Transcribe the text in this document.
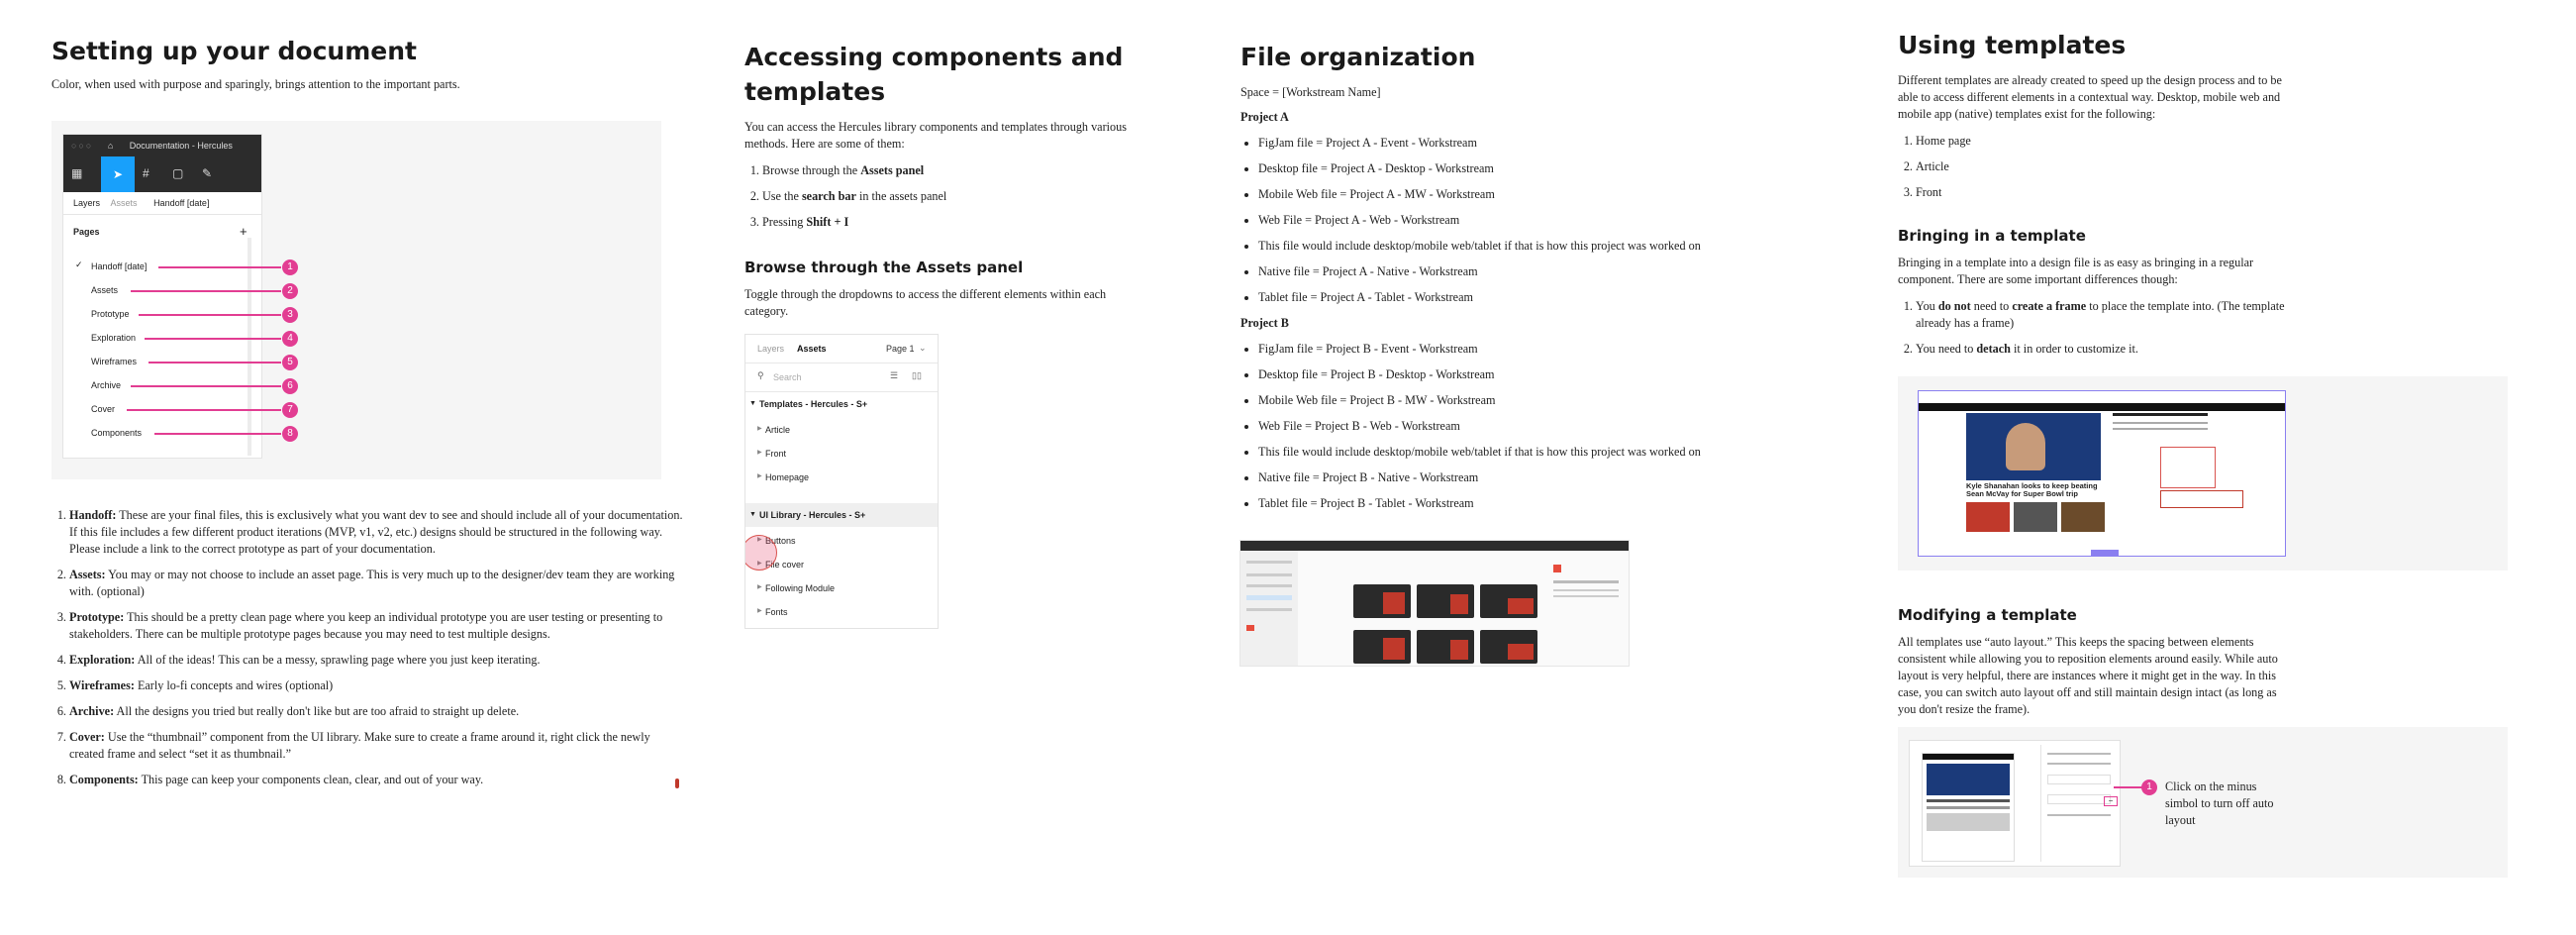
Setting up your document

Color, when used with purpose and sparingly, brings attention to the important parts.

○○○ ⌂ Documentation - Hercules
▦	➤	# ▢ ✎
Layers Assets Handoff [date]
Pages	+
✓ Handoff [date]
Assets
Prototype
Exploration
Wireframes
Archive
Cover
Components
1
2
3
4
5
6
7
8
1. Handoff: These are your final files, this is exclusively what you want dev to see and should include all of your documentation. If this file includes a few different product iterations (MVP, v1, v2, etc.) designs should be structured in the following way. Please include a link to the correct prototype as part of your documentation.
2. Assets: You may or may not choose to include an asset page. This is very much up to the designer/dev team they are working with. (optional)
3. Prototype: This should be a pretty clean page where you keep an individual prototype you are user testing or presenting to stakeholders. There can be multiple prototype pages because you may need to test multiple designs.
4. Exploration: All of the ideas! This can be a messy, sprawling page where you just keep iterating.
5. Wireframes: Early lo-fi concepts and wires (optional)
6. Archive: All the designs you tried but really don't like but are too afraid to straight up delete.
7. Cover: Use the “thumbnail” component from the UI library. Make sure to create a frame around it, right click the newly created frame and select “set it as thumbnail.”
8. Components: This page can keep your components clean, clear, and out of your way.
Accessing components and templates

You can access the Hercules library components and templates through various methods. Here are some of them:

1. Browse through the Assets panel
2. Use the search bar in the assets panel
3. Pressing Shift + I
Browse through the Assets panel

Toggle through the dropdowns to access the different elements within each category.

Layers Assets	Page 1 ⌄
⚲ Search	☰ ▯▯
▼ Templates - Hercules - S+
▶ Article
▶ Front
▶ Homepage
▼ UI Library - Hercules - S+
▶ Buttons
▶ File cover
▶ Following Module
▶ Fonts
File organization

Space = [Workstream Name]

Project A

• FigJam file = Project A - Event - Workstream
• Desktop file = Project A - Desktop - Workstream
• Mobile Web file = Project A - MW - Workstream
• Web File = Project A - Web - Workstream
• This file would include desktop/mobile web/tablet if that is how this project was worked on
• Native file = Project A - Native - Workstream
• Tablet file = Project A - Tablet - Workstream

Project B

• FigJam file = Project B - Event - Workstream
• Desktop file = Project B - Desktop - Workstream
• Mobile Web file = Project B - MW - Workstream
• Web File = Project B - Web - Workstream
• This file would include desktop/mobile web/tablet if that is how this project was worked on
• Native file = Project B - Native - Workstream
• Tablet file = Project B - Tablet - Workstream
Using templates

Different templates are already created to speed up the design process and to be able to access different elements in a contextual way. Desktop, mobile web and mobile app (native) templates exist for the following:

1. Home page
2. Article
3. Front
Bringing in a template

Bringing in a template into a design file is as easy as bringing in a regular component. There are some important differences though:

1. You do not need to create a frame to place the template into. (The template already has a frame)
2. You need to detach it in order to customize it.
Kyle Shanahan looks to keep beating Sean McVay for Super Bowl trip
Modifying a template

All templates use “auto layout.” This keeps the spacing between elements consistent while allowing you to reposition elements around easily. While auto layout is very helpful, there are instances where it might get in the way. In this case, you can switch auto layout off and still maintain design intact (as long as you don't resize the frame).

−
1	Click on the minus simbol to turn off auto layout
